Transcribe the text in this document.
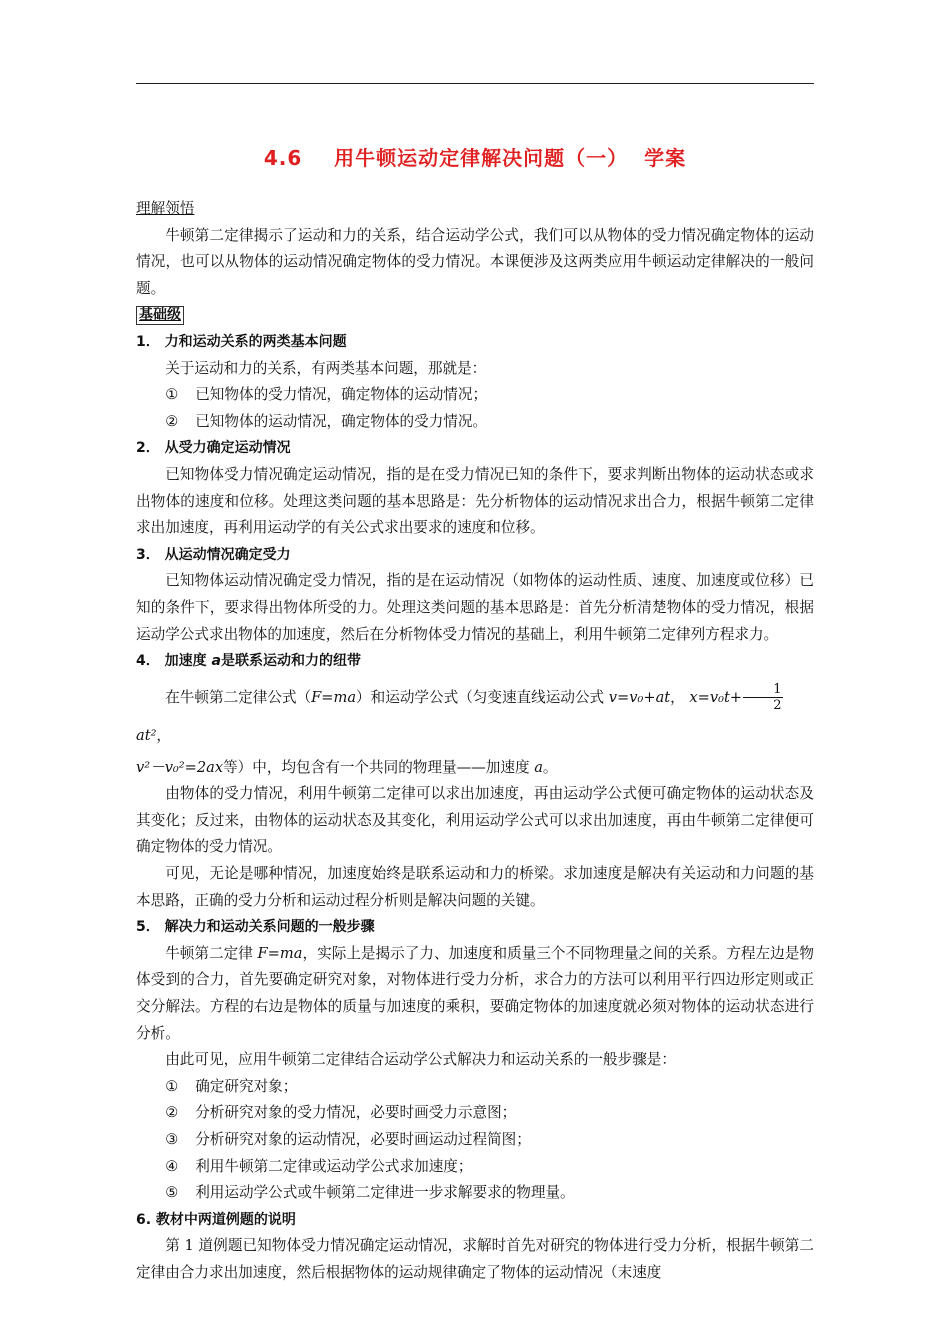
4.6    用牛顿运动定律解决问题（一）  学案

理解领悟

牛顿第二定律揭示了运动和力的关系，结合运动学公式，我们可以从物体的受力情况确定物体的运动情况，也可以从物体的运动情况确定物体的受力情况。本课便涉及这两类应用牛顿运动定律解决的一般问题。

基础级

1． 力和运动关系的两类基本问题

关于运动和力的关系，有两类基本问题，那就是：

① 已知物体的受力情况，确定物体的运动情况；

② 已知物体的运动情况，确定物体的受力情况。

2． 从受力确定运动情况

已知物体受力情况确定运动情况，指的是在受力情况已知的条件下，要求判断出物体的运动状态或求出物体的速度和位移。处理这类问题的基本思路是：先分析物体的运动情况求出合力，根据牛顿第二定律求出加速度，再利用运动学的有关公式求出要求的速度和位移。

3． 从运动情况确定受力

已知物体运动情况确定受力情况，指的是在运动情况（如物体的运动性质、速度、加速度或位移）已知的条件下，要求得出物体所受的力。处理这类问题的基本思路是：首先分析清楚物体的受力情况，根据运动学公式求出物体的加速度，然后在分析物体受力情况的基础上，利用牛顿第二定律列方程求力。

4． 加速度 a是联系运动和力的纽带

在牛顿第二定律公式（F=ma）和运动学公式（匀变速直线运动公式 v=v₀+at， $x=v_0t+ \frac{1}{2}$
at²，

v²－v₀²=2ax等）中，均包含有一个共同的物理量——加速度 a。

由物体的受力情况，利用牛顿第二定律可以求出加速度，再由运动学公式便可确定物体的运动状态及其变化；反过来，由物体的运动状态及其变化，利用运动学公式可以求出加速度，再由牛顿第二定律便可确定物体的受力情况。

可见，无论是哪种情况，加速度始终是联系运动和力的桥梁。求加速度是解决有关运动和力问题的基本思路，正确的受力分析和运动过程分析则是解决问题的关键。

5． 解决力和运动关系问题的一般步骤

牛顿第二定律 F=ma，实际上是揭示了力、加速度和质量三个不同物理量之间的关系。方程左边是物体受到的合力，首先要确定研究对象，对物体进行受力分析，求合力的方法可以利用平行四边形定则或正交分解法。方程的右边是物体的质量与加速度的乘积，要确定物体的加速度就必须对物体的运动状态进行分析。

由此可见，应用牛顿第二定律结合运动学公式解决力和运动关系的一般步骤是：

① 确定研究对象；

② 分析研究对象的受力情况，必要时画受力示意图；

③ 分析研究对象的运动情况，必要时画运动过程简图；

④ 利用牛顿第二定律或运动学公式求加速度；

⑤ 利用运动学公式或牛顿第二定律进一步求解要求的物理量。

6. 教材中两道例题的说明

第 1 道例题已知物体受力情况确定运动情况，求解时首先对研究的物体进行受力分析，根据牛顿第二定律由合力求出加速度，然后根据物体的运动规律确定了物体的运动情况（末速度
